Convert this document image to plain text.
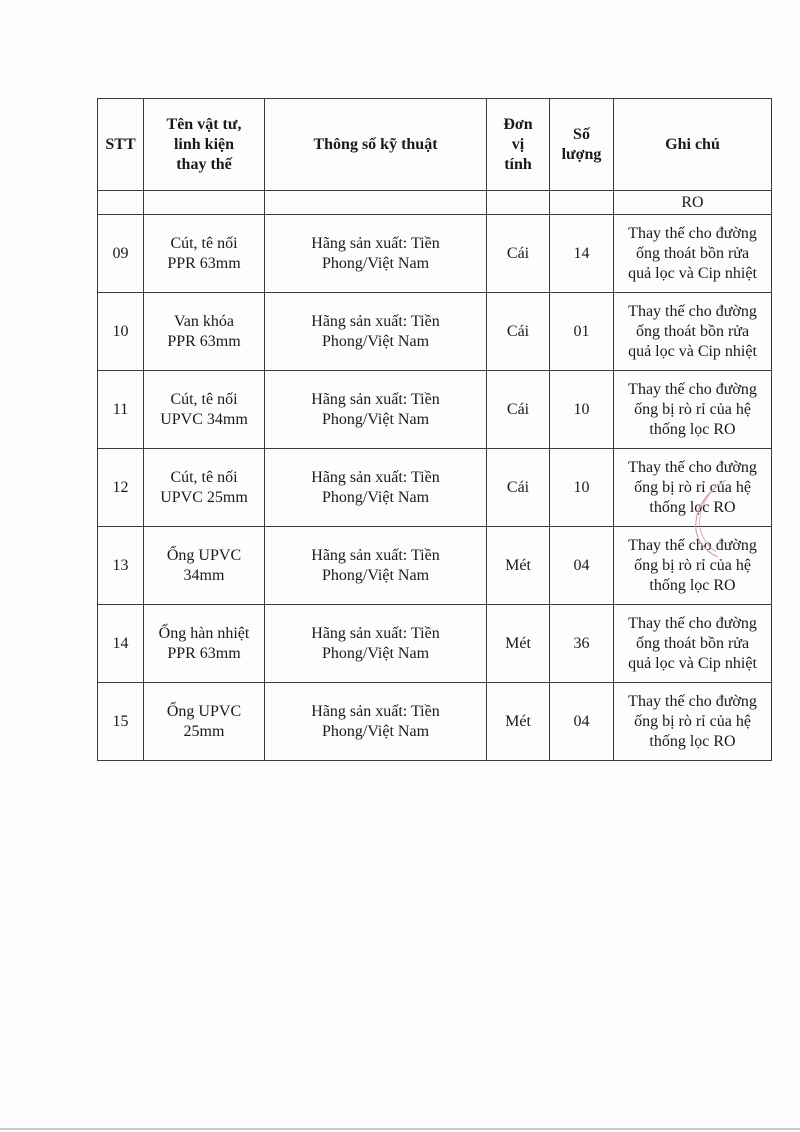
STT	Tên vật tư,
linh kiện
thay thế	Thông số kỹ thuật	Đơn
vị
tính	Số
lượng	Ghi chú
					RO
09	Cút, tê nối
PPR 63mm	Hãng sản xuất: Tiền
Phong/Việt Nam	Cái	14	Thay thế cho đường
ống thoát bồn rửa
quả lọc và Cip nhiệt

10	Van khóa
PPR 63mm	Hãng sản xuất: Tiền
Phong/Việt Nam	Cái	01	Thay thế cho đường
ống thoát bồn rửa
quả lọc và Cip nhiệt

11	Cút, tê nối
UPVC 34mm	Hãng sản xuất: Tiền
Phong/Việt Nam	Cái	10	Thay thế cho đường
ống bị rò rỉ của hệ
thống lọc RO

12	Cút, tê nối
UPVC 25mm	Hãng sản xuất: Tiền
Phong/Việt Nam	Cái	10	Thay thế cho đường
ống bị rò rỉ của hệ
thống lọc RO

13	Ống UPVC
34mm	Hãng sản xuất: Tiền
Phong/Việt Nam	Mét	04	Thay thế cho đường
ống bị rò rỉ của hệ
thống lọc RO

14	Ống hàn nhiệt
PPR 63mm	Hãng sản xuất: Tiền
Phong/Việt Nam	Mét	36	Thay thế cho đường
ống thoát bồn rửa
quả lọc và Cip nhiệt

15	Ống UPVC
25mm	Hãng sản xuất: Tiền
Phong/Việt Nam	Mét	04	Thay thế cho đường
ống bị rò rỉ của hệ
thống lọc RO
